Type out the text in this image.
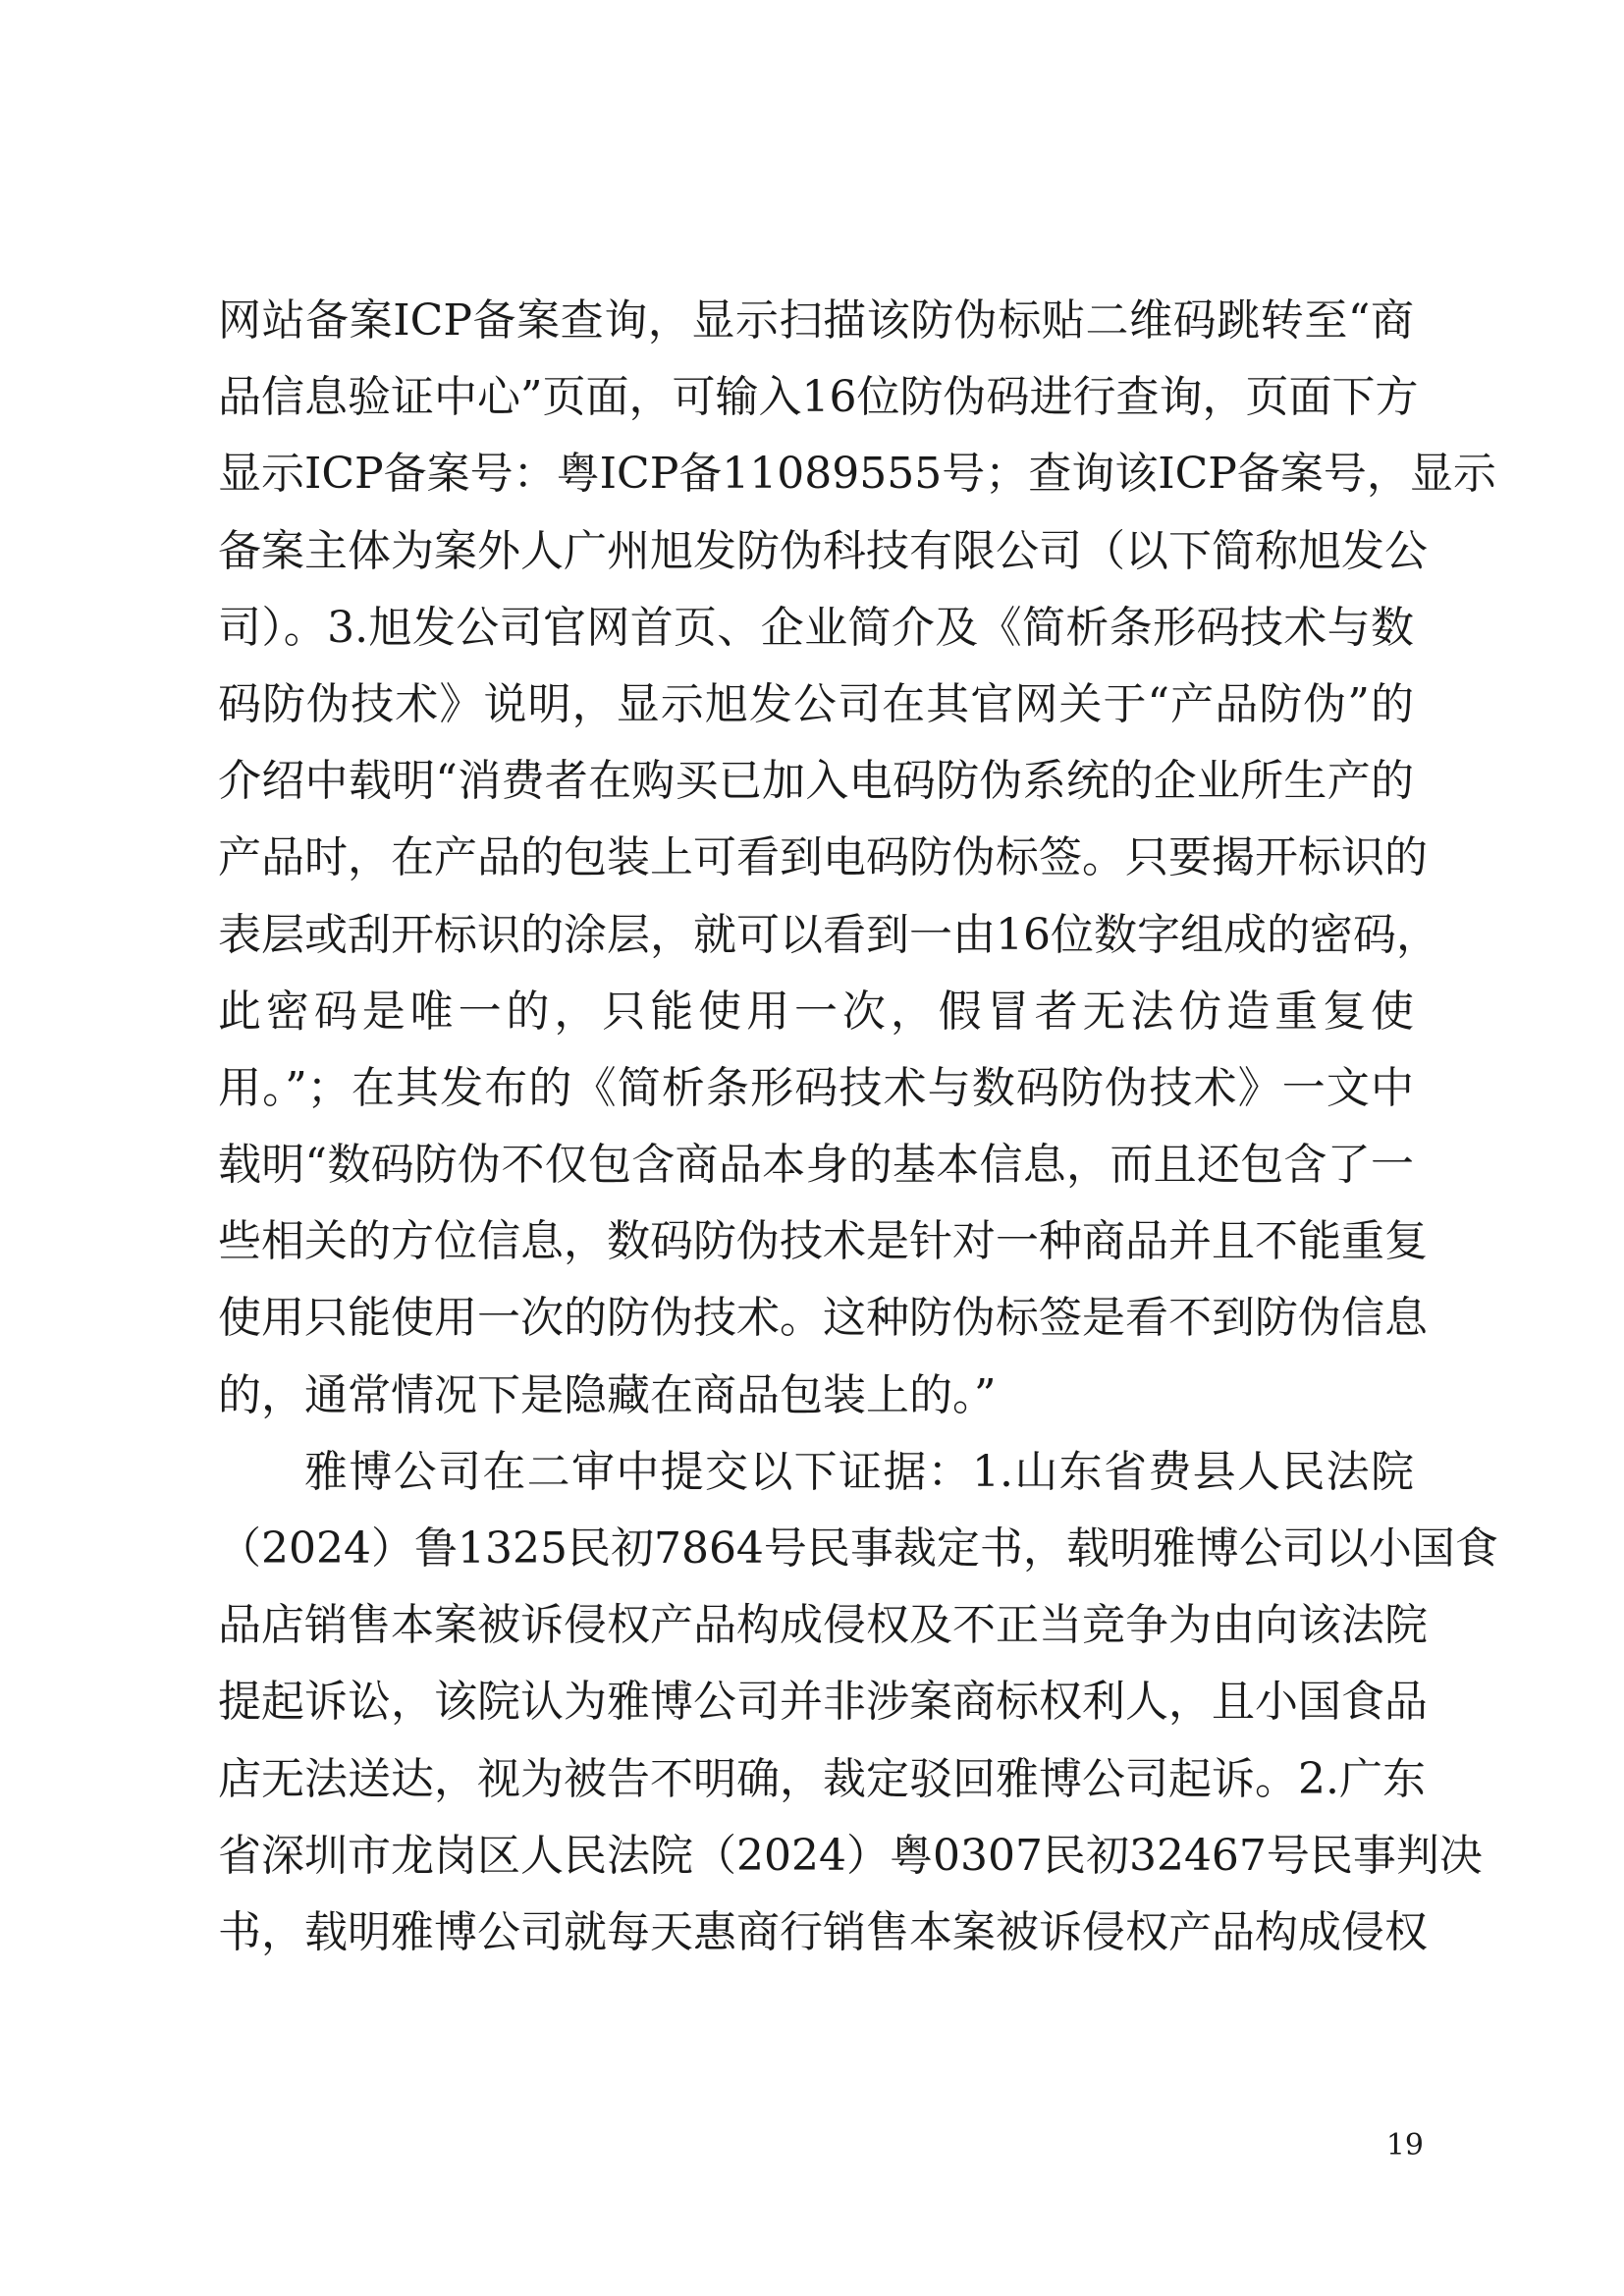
网站备案ICP备案查询，显示扫描该防伪标贴二维码跳转至“商
品信息验证中心”页面，可输入16位防伪码进行查询，页面下方
显示ICP备案号：粤ICP备11089555号；查询该ICP备案号，显示
备案主体为案外人广州旭发防伪科技有限公司（以下简称旭发公
司）。3.旭发公司官网首页、企业简介及《简析条形码技术与数
码防伪技术》说明，显示旭发公司在其官网关于“产品防伪”的
介绍中载明“消费者在购买已加入电码防伪系统的企业所生产的
产品时，在产品的包装上可看到电码防伪标签。只要揭开标识的
表层或刮开标识的涂层，就可以看到一由16位数字组成的密码，
此密码是唯一的，只能使用一次，假冒者无法仿造重复使
用。”；在其发布的《简析条形码技术与数码防伪技术》一文中
载明“数码防伪不仅包含商品本身的基本信息，而且还包含了一
些相关的方位信息，数码防伪技术是针对一种商品并且不能重复
使用只能使用一次的防伪技术。这种防伪标签是看不到防伪信息
的，通常情况下是隐藏在商品包装上的。”
雅博公司在二审中提交以下证据：1.山东省费县人民法院
（2024）鲁1325民初7864号民事裁定书，载明雅博公司以小国食
品店销售本案被诉侵权产品构成侵权及不正当竞争为由向该法院
提起诉讼，该院认为雅博公司并非涉案商标权利人，且小国食品
店无法送达，视为被告不明确，裁定驳回雅博公司起诉。2.广东
省深圳市龙岗区人民法院（2024）粤0307民初32467号民事判决
书，载明雅博公司就每天惠商行销售本案被诉侵权产品构成侵权
19
